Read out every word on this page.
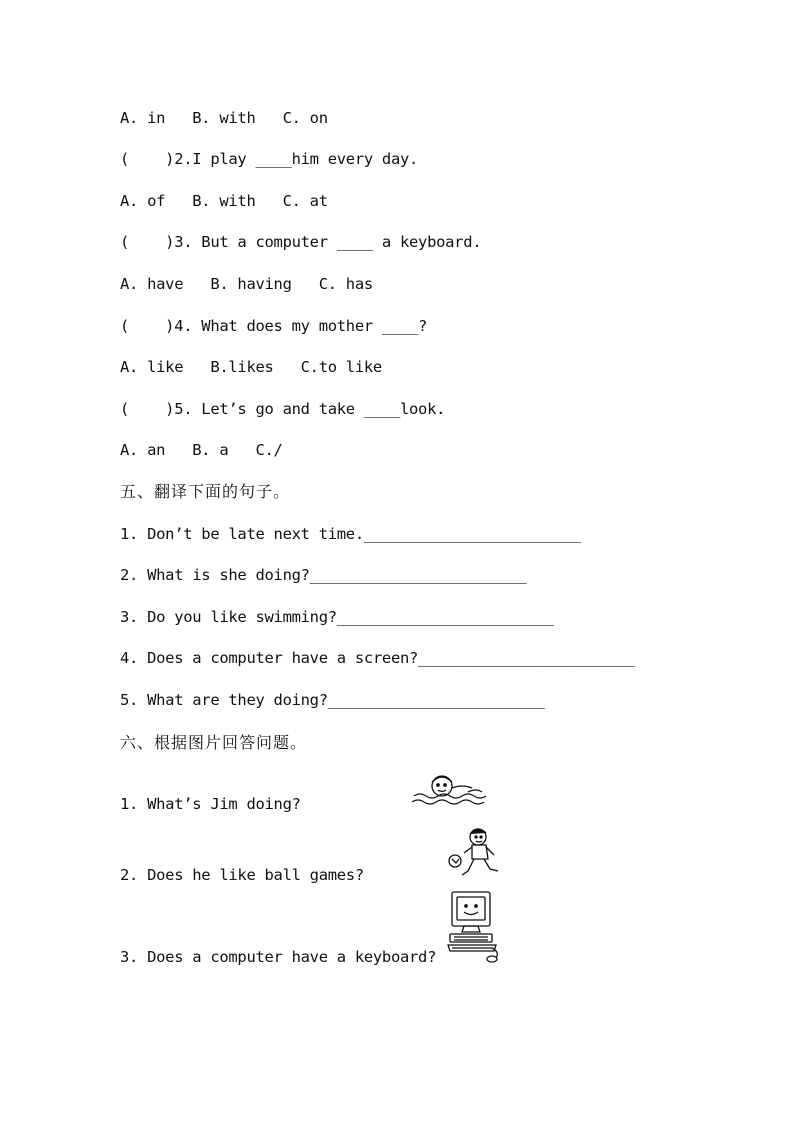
A. in   B. with   C. on
(    )2.I play ____him every day.
A. of   B. with   C. at
(    )3. But a computer ____ a keyboard.
A. have   B. having   C. has
(    )4. What does my mother ____?
A. like   B.likes   C.to like
(    )5. Let’s go and take ____look.
A. an   B. a   C./
五、翻译下面的句子。
1. Don’t be late next time.________________________
2. What is she doing?________________________
3. Do you like swimming?________________________
4. Does a computer have a screen?________________________
5. What are they doing?________________________
六、根据图片回答问题。
1. What’s Jim doing?
2. Does he like ball games?
3. Does a computer have a keyboard?
